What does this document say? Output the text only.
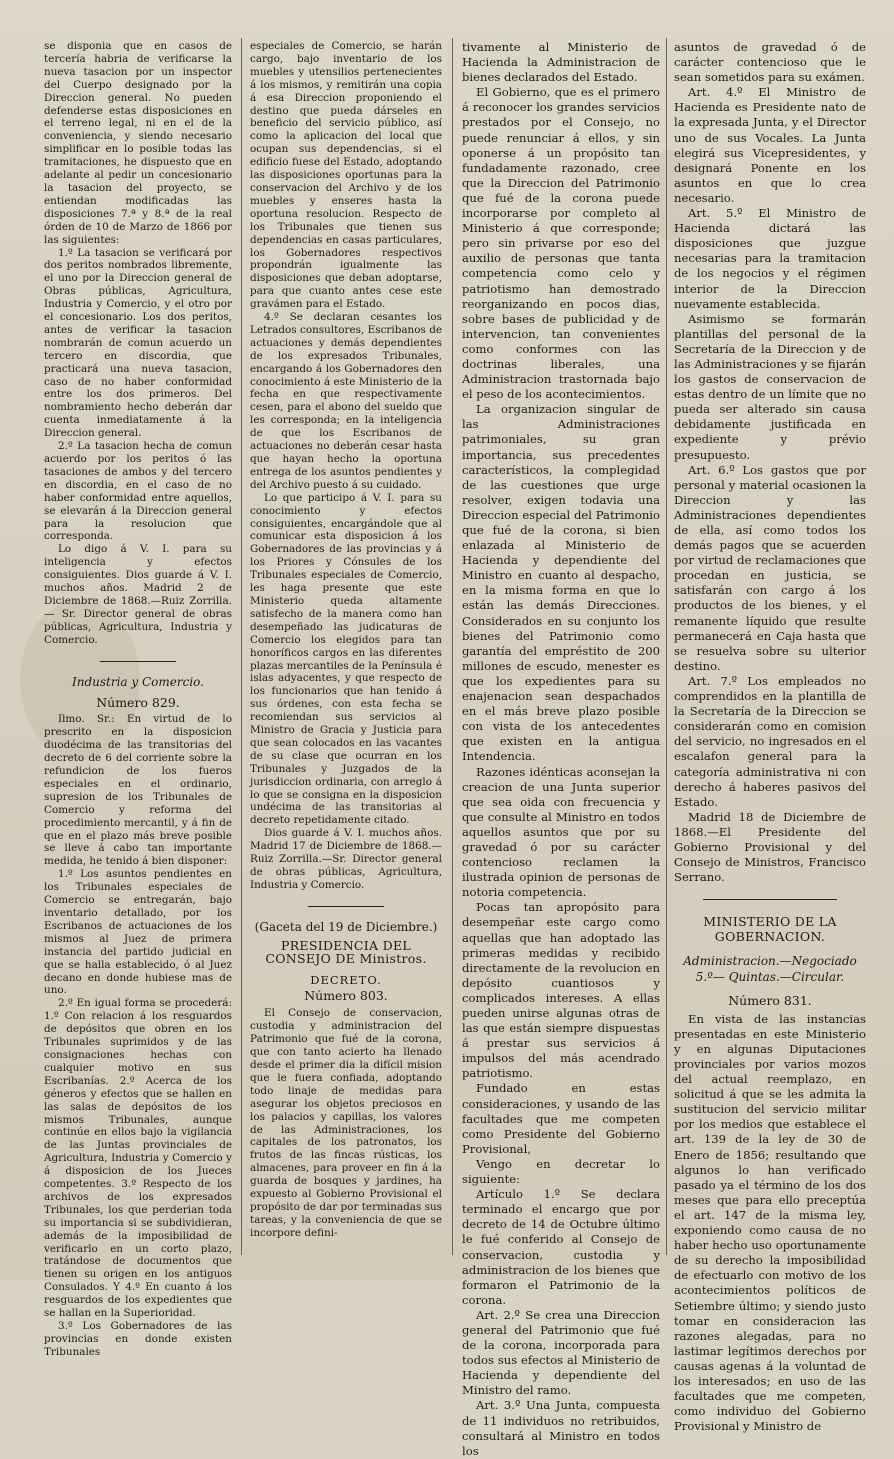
se disponia que en casos de tercería habria de verificarse la nueva tasacion por un inspector del Cuerpo designado por la Direccion general. No pueden defenderse estas disposiciones en el terreno legal, ni en el de la conveniencia, y siendo necesario simplificar en lo posible todas las tramitaciones, he dispuesto que en adelante al pedir un concesionario la tasacion del proyecto, se entiendan modificadas las disposiciones 7.ª y 8.ª de la real órden de 10 de Marzo de 1866 por las siguientes:

1.º La tasacion se verificará por dos peritos nombrados libremente, el uno por la Direccion general de Obras públicas, Agricultura, Industria y Comercio, y el otro por el concesionario. Los dos peritos, antes de verificar la tasacion nombrarán de comun acuerdo un tercero en discordia, que practicará una nueva tasacion, caso de no haber conformidad entre los dos primeros. Del nombramiento hecho deberán dar cuenta inmediatamente á la Direccion general.

2.º La tasacion hecha de comun acuerdo por los peritos ó las tasaciones de ambos y del tercero en discordia, en el caso de no haber conformidad entre aquellos, se elevarán á la Direccion general para la resolucion que corresponda.

Lo digo á V. I. para su inteligencia y efectos consiguientes. Dios guarde á V. I. muchos años. Madrid 2 de Diciembre de 1868.—Ruiz Zorrilla.— Sr. Director general de obras públicas, Agricultura, Industria y Comercio.

Industria y Comercio.
Número 829.

Ilmo. Sr.: En virtud de lo prescrito en la disposicion duodécima de las transitorias del decreto de 6 del corriente sobre la refundicion de los fueros especiales en el ordinario, supresion de los Tribunales de Comercio y reforma del procedimiento mercantil, y á fin de que en el plazo más breve posible se lleve á cabo tan importante medida, he tenido á bien disponer:

1.º Los asuntos pendientes en los Tribunales especiales de Comercio se entregarán, bajo inventario detallado, por los Escribanos de actuaciones de los mismos al Juez de primera instancia del partido judicial en que se halla establecido, ó al Juez decano en donde hubiese mas de uno.

2.º En igual forma se procederá: 1.º Con relacion á los resguardos de depósitos que obren en los Tribunales suprimidos y de las consignaciones hechas con cualquier motivo en sus Escribanías. 2.º Acerca de los géneros y efectos que se hallen en las salas de depósitos de los mismos Tribunales, aunque continúe en ellos bajo la vigilancia de las Juntas provinciales de Agricultura, Industria y Comercio y á disposicion de los Jueces competentes. 3.º Respecto de los archivos de los expresados Tribunales, los que perderian toda su importancia si se subdividieran, además de la imposibilidad de verificarlo en un corto plazo, tratándose de documentos que tienen su origen en los antiguos Consulados. Y 4.º En cuanto á los resguardos de los expedientes que se hallan en la Superioridad.

3.º Los Gobernadores de las provincias en donde existen Tribunales

especiales de Comercio, se harán cargo, bajo inventario de los muebles y utensilios pertenecientes á los mismos, y remitirán una copia á esa Direccion proponiendo el destino que pueda dárseles en beneficio del servicio público, así como la aplicacion del local que ocupan sus dependencias, si el edificio fuese del Estado, adoptando las disposiciones oportunas para la conservacion del Archivo y de los muebles y enseres hasta la oportuna resolucion. Respecto de los Tribunales que tienen sus dependencias en casas particulares, los Gobernadores respectivos propondrán igualmente las disposiciones que deban adoptarse, para que cuanto antes cese este gravámen para el Estado.

4.º Se declaran cesantes los Letrados consultores, Escribanos de actuaciones y demás dependientes de los expresados Tribunales, encargando á los Gobernadores den conocimiento á este Ministerio de la fecha en que respectivamente cesen, para el abono del sueldo que les corresponda; en la inteligencia de que los Escribanos de actuaciones no deberán cesar hasta que hayan hecho la oportuna entrega de los asuntos pendientes y del Archivo puesto á su cuidado.

Lo que participo á V. I. para su conocimiento y efectos consiguientes, encargándole que al comunicar esta disposicion á los Gobernadores de las provincias y á los Priores y Cónsules de los Tribunales especiales de Comercio, les haga presente que este Ministerio queda altamente satisfecho de la manera como han desempeñado las judicaturas de Comercio los elegidos para tan honoríficos cargos en las diferentes plazas mercantiles de la Península é islas adyacentes, y que respecto de los funcionarios que han tenido á sus órdenes, con esta fecha se recomiendan sus servicios al Ministro de Gracia y Justicia para que sean colocados en las vacantes de su clase que ocurran en los Tribunales y Juzgados de la jurisdiccion ordinaria, con arreglo á lo que se consigna en la disposicion undécima de las transitorias al decreto repetidamente citado.

Dios guarde á V. I. muchos años. Madrid 17 de Diciembre de 1868.— Ruiz Zorrilla.—Sr. Director general de obras públicas, Agricultura, Industria y Comercio.

(Gaceta del 19 de Diciembre.)
PRESIDENCIA DEL CONSEJO DE Ministros.
DECRETO.
Número 803.

El Consejo de conservacion, custodia y administracion del Patrimonio que fué de la corona, que con tanto acierto ha llenado desde el primer dia la difícil mision que le fuera confiada, adoptando todo linaje de medidas para asegurar los objetos preciosos en los palacios y capillas, los valores de las Administraciones, los capitales de los patronatos, los frutos de las fincas rústicas, los almacenes, para proveer en fin á la guarda de bosques y jardines, ha expuesto al Gobierno Provisional el propósito de dar por terminadas sus tareas, y la conveniencia de que se incorpore defini-

tivamente al Ministerio de Hacienda la Administracion de bienes declarados del Estado.

El Gobierno, que es el primero á reconocer los grandes servicios prestados por el Consejo, no puede renunciar á ellos, y sin oponerse á un propósito tan fundadamente razonado, cree que la Direccion del Patrimonio que fué de la corona puede incorporarse por completo al Ministerio á que corresponde; pero sin privarse por eso del auxilio de personas que tanta competencia como celo y patriotismo han demostrado reorganizando en pocos dias, sobre bases de publicidad y de intervencion, tan convenientes como conformes con las doctrinas liberales, una Administracion trastornada bajo el peso de los acontecimientos.

La organizacion singular de las Administraciones patrimoniales, su gran importancia, sus precedentes característicos, la complegidad de las cuestiones que urge resolver, exigen todavia una Direccion especial del Patrimonio que fué de la corona, si bien enlazada al Ministerio de Hacienda y dependiente del Ministro en cuanto al despacho, en la misma forma en que lo están las demás Direcciones. Considerados en su conjunto los bienes del Patrimonio como garantía del empréstito de 200 millones de escudo, menester es que los expedientes para su enajenacion sean despachados en el más breve plazo posible con vista de los antecedentes que existen en la antigua Intendencia.

Razones idénticas aconsejan la creacion de una Junta superior que sea oida con frecuencia y que consulte al Ministro en todos aquellos asuntos que por su gravedad ó por su carácter contencioso reclamen la ilustrada opinion de personas de notoria competencia.

Pocas tan apropósito para desempeñar este cargo como aquellas que han adoptado las primeras medidas y recibido directamente de la revolucion en depósito cuantiosos y complicados intereses. A ellas pueden unirse algunas otras de las que están siempre dispuestas á prestar sus servicios á impulsos del más acendrado patriotismo.

Fundado en estas consideraciones, y usando de las facultades que me competen como Presidente del Gobierno Provisional,

Vengo en decretar lo siguiente:

Artículo 1.º Se declara terminado el encargo que por decreto de 14 de Octubre último le fué conferido al Consejo de conservacion, custodia y administracion de los bienes que formaron el Patrimonio de la corona.

Art. 2.º Se crea una Direccion general del Patrimonio que fué de la corona, incorporada para todos sus efectos al Ministerio de Hacienda y dependiente del Ministro del ramo.

Art. 3.º Una Junta, compuesta de 11 individuos no retribuidos, consultará al Ministro en todos los

asuntos de gravedad ó de carácter contencioso que le sean sometidos para su exámen.

Art. 4.º El Ministro de Hacienda es Presidente nato de la expresada Junta, y el Director uno de sus Vocales. La Junta elegirá sus Vicepresidentes, y designará Ponente en los asuntos en que lo crea necesario.

Art. 5.º El Ministro de Hacienda dictará las disposiciones que juzgue necesarias para la tramitacion de los negocios y el régimen interior de la Direccion nuevamente establecida.

Asimismo se formarán plantillas del personal de la Secretaría de la Direccion y de las Administraciones y se fijarán los gastos de conservacion de estas dentro de un límite que no pueda ser alterado sin causa debidamente justificada en expediente y prévio presupuesto.

Art. 6.º Los gastos que por personal y material ocasionen la Direccion y las Administraciones dependientes de ella, así como todos los demás pagos que se acuerden por virtud de reclamaciones que procedan en justicia, se satisfarán con cargo á los productos de los bienes, y el remanente líquido que resulte permanecerá en Caja hasta que se resuelva sobre su ulterior destino.

Art. 7.º Los empleados no comprendidos en la plantilla de la Secretaría de la Direccion se considerarán como en comision del servicio, no ingresados en el escalafon general para la categoría administrativa ni con derecho á haberes pasivos del Estado.

Madrid 18 de Diciembre de 1868.—El Presidente del Gobierno Provisional y del Consejo de Ministros, Francisco Serrano.

MINISTERIO DE LA GOBERNACION.
Administracion.—Negociado 5.º— Quintas.—Circular.
Número 831.

En vista de las instancias presentadas en este Ministerio y en algunas Diputaciones provinciales por varios mozos del actual reemplazo, en solicitud á que se les admita la sustitucion del servicio militar por los medios que establece el art. 139 de la ley de 30 de Enero de 1856; resultando que algunos lo han verificado pasado ya el término de los dos meses que para ello preceptúa el art. 147 de la misma ley, exponiendo como causa de no haber hecho uso oportunamente de su derecho la imposibilidad de efectuarlo con motivo de los acontecimientos políticos de Setiembre último; y siendo justo tomar en consideracion las razones alegadas, para no lastimar legítimos derechos por causas agenas á la voluntad de los interesados; en uso de las facultades que me competen, como individuo del Gobierno Provisional y Ministro de
